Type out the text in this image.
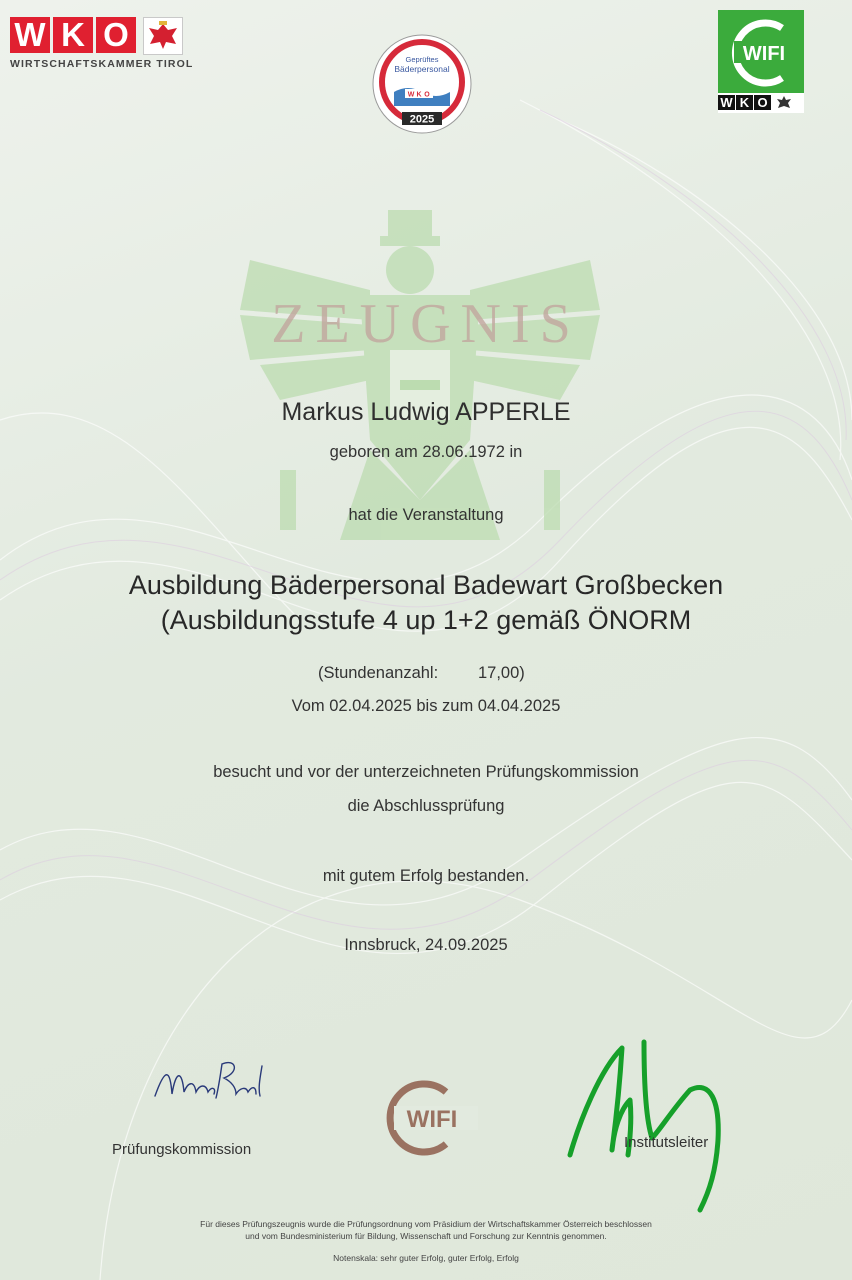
W K O
WIRTSCHAFTSKAMMER TIROL	Geprüftes
Bäderpersonal
W K O
2025
WIFI
W K O
ZEUGNIS
Markus Ludwig APPERLE
geboren am 28.06.1972 in
hat die Veranstaltung
Ausbildung Bäderpersonal Badewart Großbecken
(Ausbildungsstufe 4 up 1+2 gemäß ÖNORM
(Stundenanzahl: 17,00)
Vom 02.04.2025 bis zum 04.04.2025
besucht und vor der unterzeichneten Prüfungskommission
die Abschlussprüfung
mit gutem Erfolg bestanden.
Innsbruck, 24.09.2025
Prüfungskommission
WIFI
Institutsleiter
Für dieses Prüfungszeugnis wurde die Prüfungsordnung vom Präsidium der Wirtschaftskammer Österreich beschlossen
und vom Bundesministerium für Bildung, Wissenschaft und Forschung zur Kenntnis genommen.
Notenskala: sehr guter Erfolg, guter Erfolg, Erfolg
